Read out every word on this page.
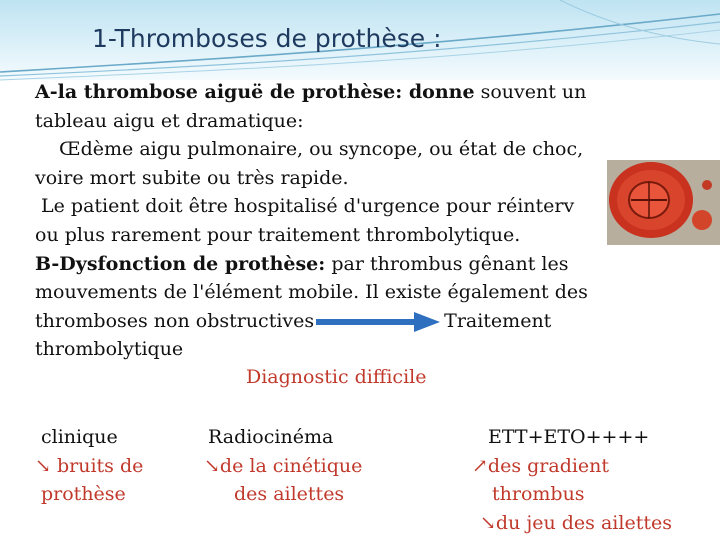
1-Thromboses de prothèse :

A-la thrombose aiguë de prothèse: donne souvent un

tableau aigu et dramatique:

Œdème aigu pulmonaire, ou syncope, ou état de choc,

voire mort subite ou très rapide.

Le patient doit être hospitalisé d'urgence pour réinterv

ou plus rarement pour traitement thrombolytique.

B-Dysfonction de prothèse: par thrombus gênant les

mouvements de l'élément mobile. Il existe également des

thromboses non obstructives	Traitement

thrombolytique

Diagnostic difficile
clinique
↘ bruits de
prothèse
Radiocinéma
↘de la cinétique
des ailettes
ETT+ETO++++
↗des gradient
thrombus
↘du jeu des ailettes
